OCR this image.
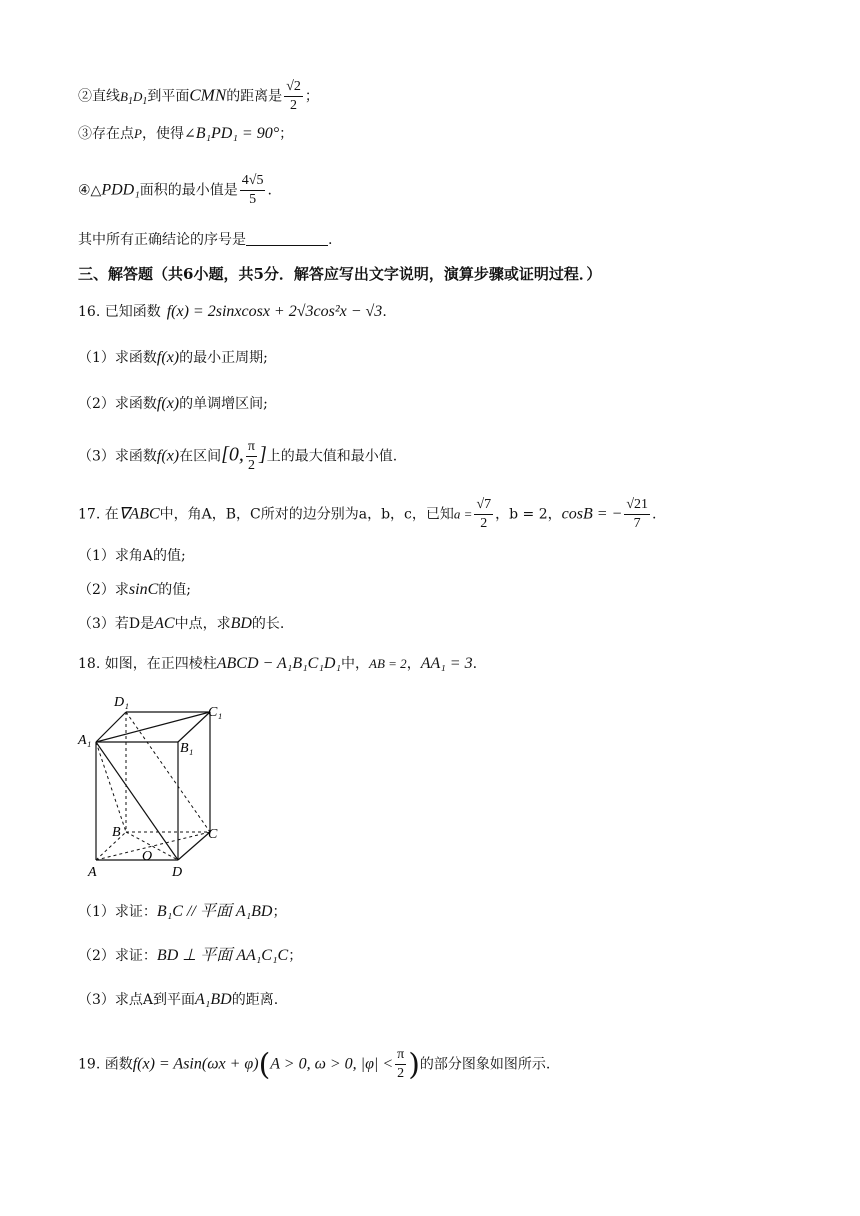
②直线$B_1D_1$到平面CMN的距离是 $\frac{√2}{2}$ ；
③存在点P，使得∠B₁PD₁ = 90°；
④△PDD₁面积的最小值是 $\frac{4√5}{5}$ .
其中所有正确结论的序号是	.
三、解答题（共6小题，共5分．解答应写出文字说明，演算步骤或证明过程．）
16. 已知函数 f(x) = 2sinxcosx + 2√3cos²x − √3.
（1）求函数f(x)的最小正周期;
（2）求函数f(x)的单调增区间;
（3）求函数f(x)在区间[0, $\frac{\pi}{2}$ ]上的最大值和最小值.
17. 在∇ABC中，角A，B，C所对的边分别为a，b，c，已知$a = \frac{√7}{2}$ ，b = 2，cosB = − $\frac{√21}{7}$ .
（1）求角A的值;
（2）求sinC的值;
（3）若D是AC中点，求BD的长.
18. 如图，在正四棱柱ABCD − A₁B₁C₁D₁中，AB = 2，AA₁ = 3.
D₁
C₁
A₁
B₁
B	C
O
A	D
（1）求证：B₁C // 平面 A₁BD；
（2）求证：BD ⊥ 平面 AA₁C₁C；
（3）求点A到平面A₁BD的距离.
19. 函数f(x) = Asin(ωx + φ)(A > 0, ω > 0, $|\varphi| < \frac{\pi}{2}$ )的部分图象如图所示.
